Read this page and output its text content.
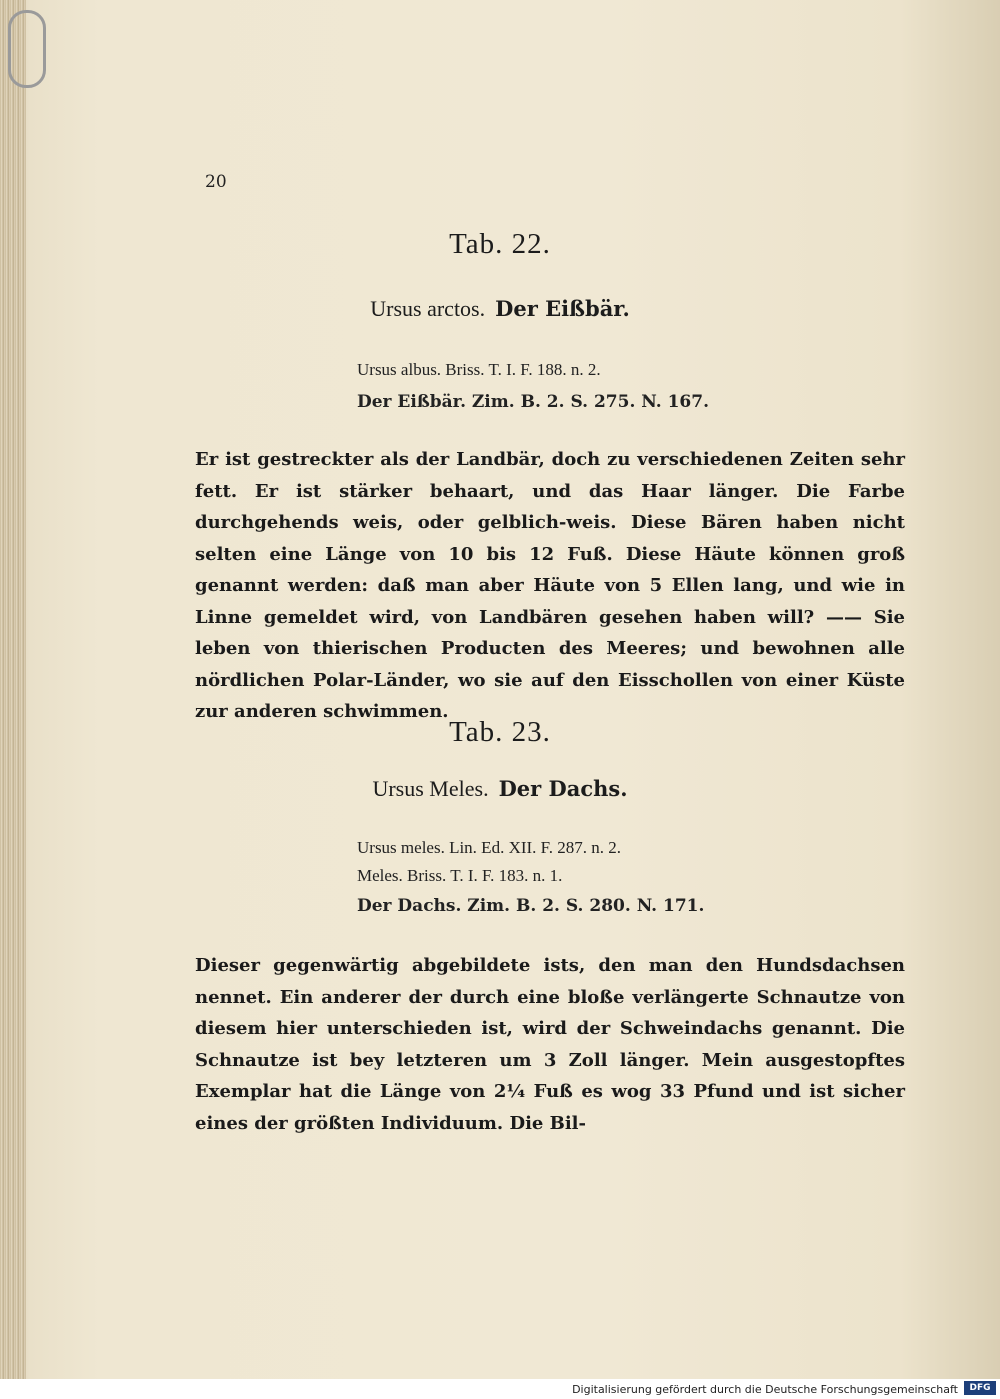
20
Tab. 22.
Ursus arctos. Der Eißbär.
Ursus albus. Briss. T. I. F. 188. n. 2.
Der Eißbär. Zim. B. 2. S. 275. N. 167.
Er ist gestreckter als der Landbär, doch zu verschiedenen Zeiten sehr fett. Er ist stärker behaart, und das Haar länger. Die Farbe durchgehends weis, oder gelblich-weis. Diese Bären haben nicht selten eine Länge von 10 bis 12 Fuß. Diese Häute können groß genannt werden: daß man aber Häute von 5 Ellen lang, und wie in Linne gemeldet wird, von Landbären gesehen haben will? —— Sie leben von thierischen Producten des Meeres; und bewohnen alle nördlichen Polar-Länder, wo sie auf den Eisschollen von einer Küste zur anderen schwimmen.
Tab. 23.
Ursus Meles. Der Dachs.
Ursus meles. Lin. Ed. XII. F. 287. n. 2.
Meles. Briss. T. I. F. 183. n. 1.
Der Dachs. Zim. B. 2. S. 280. N. 171.
Dieser gegenwärtig abgebildete ists, den man den Hundsdachsen nennet. Ein anderer der durch eine bloße verlängerte Schnautze von diesem hier unterschieden ist, wird der Schweindachs genannt. Die Schnautze ist bey letzteren um 3 Zoll länger. Mein ausgestopftes Exemplar hat die Länge von 2¼ Fuß es wog 33 Pfund und ist sicher eines der größten Individuum. Die Bil-
Digitalisierung gefördert durch die Deutsche Forschungsgemeinschaft	DFG
